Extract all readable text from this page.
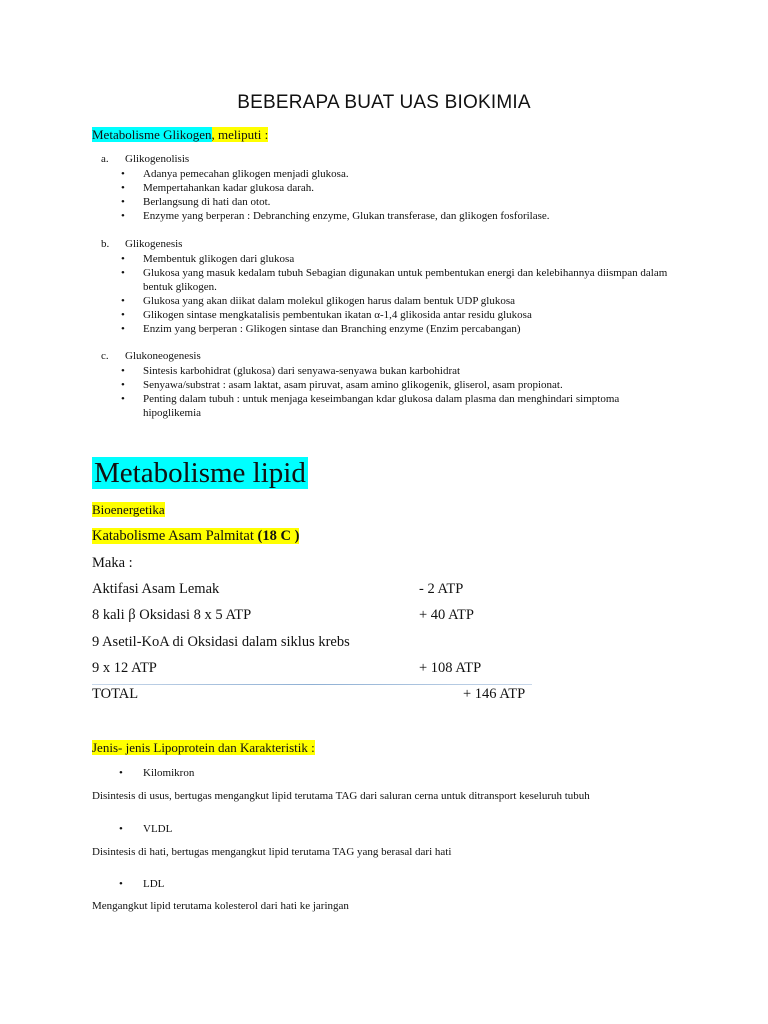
BEBERAPA BUAT UAS BIOKIMIA
Metabolisme Glikogen, meliputi :
a. Glikogenolisis
• Adanya pemecahan glikogen menjadi glukosa.
• Mempertahankan kadar glukosa darah.
• Berlangsung di hati dan otot.
• Enzyme yang berperan : Debranching enzyme, Glukan transferase, dan glikogen fosforilase.
b. Glikogenesis
• Membentuk glikogen dari glukosa
• Glukosa yang masuk kedalam tubuh Sebagian digunakan untuk pembentukan energi dan kelebihannya diismpan dalam bentuk glikogen.
• Glukosa yang akan diikat dalam molekul glikogen harus dalam bentuk UDP glukosa
• Glikogen sintase mengkatalisis pembentukan ikatan α-1,4 glikosida antar residu glukosa
• Enzim yang berperan : Glikogen sintase dan Branching enzyme (Enzim percabangan)
c. Glukoneogenesis
• Sintesis karbohidrat (glukosa) dari senyawa-senyawa bukan karbohidrat
• Senyawa/substrat : asam laktat, asam piruvat, asam amino glikogenik, gliserol, asam propionat.
• Penting dalam tubuh : untuk menjaga keseimbangan kdar glukosa dalam plasma dan menghindari simptoma hipoglikemia
Metabolisme lipid
Bioenergetika
Katabolisme Asam Palmitat (18 C )
Maka :
Aktifasi Asam Lemak	- 2 ATP
8 kali β Oksidasi 8 x 5 ATP	+ 40 ATP
9 Asetil-KoA di Oksidasi dalam siklus krebs
9 x 12 ATP	+ 108 ATP
TOTAL	+ 146 ATP
Jenis- jenis Lipoprotein dan Karakteristik :
• Kilomikron
Disintesis di usus, bertugas mengangkut lipid terutama TAG dari saluran cerna untuk ditransport keseluruh tubuh
• VLDL
Disintesis di hati, bertugas mengangkut lipid terutama TAG yang berasal dari hati
• LDL
Mengangkut lipid terutama kolesterol dari hati ke jaringan
